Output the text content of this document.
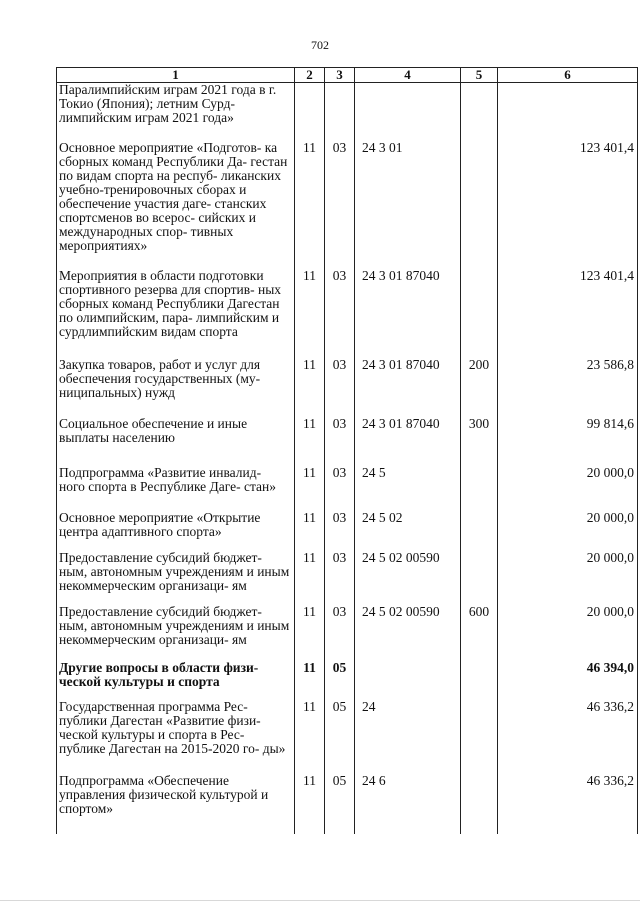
702
1	2	3	4	5	6
Паралимпийским играм 2021 года в г. Токио (Япония); летним Сурд- лимпийским играм 2021 года»					
Основное мероприятие «Подготов- ка сборных команд Республики Да- гестан по видам спорта на респуб- ликанских учебно-тренировочных сборах и обеспечение участия даге- станских спортсменов во всерос- сийских и международных спор- тивных мероприятиях»	11	03	24 3 01		123 401,4
Мероприятия в области подготовки спортивного резерва для спортив- ных сборных команд Республики Дагестан по олимпийским, пара- лимпийским и сурдлимпийским видам спорта	11	03	24 3 01 87040		123 401,4
Закупка товаров, работ и услуг для обеспечения государственных (му- ниципальных) нужд	11	03	24 3 01 87040	200	23 586,8
Социальное обеспечение и иные выплаты населению	11	03	24 3 01 87040	300	99 814,6
Подпрограмма «Развитие инвалид- ного спорта в Республике Даге- стан»	11	03	24 5		20 000,0
Основное мероприятие «Открытие центра адаптивного спорта»	11	03	24 5 02		20 000,0
Предоставление субсидий бюджет- ным, автономным учреждениям и иным некоммерческим организаци- ям	11	03	24 5 02 00590		20 000,0
Предоставление субсидий бюджет- ным, автономным учреждениям и иным некоммерческим организаци- ям	11	03	24 5 02 00590	600	20 000,0
Другие вопросы в области физи- ческой культуры и спорта	11	05			46 394,0
Государственная программа Рес- публики Дагестан «Развитие физи- ческой культуры и спорта в Рес- публике Дагестан на 2015-2020 го- ды»	11	05	24		46 336,2
Подпрограмма «Обеспечение управления физической культурой и спортом»	11	05	24 6		46 336,2
